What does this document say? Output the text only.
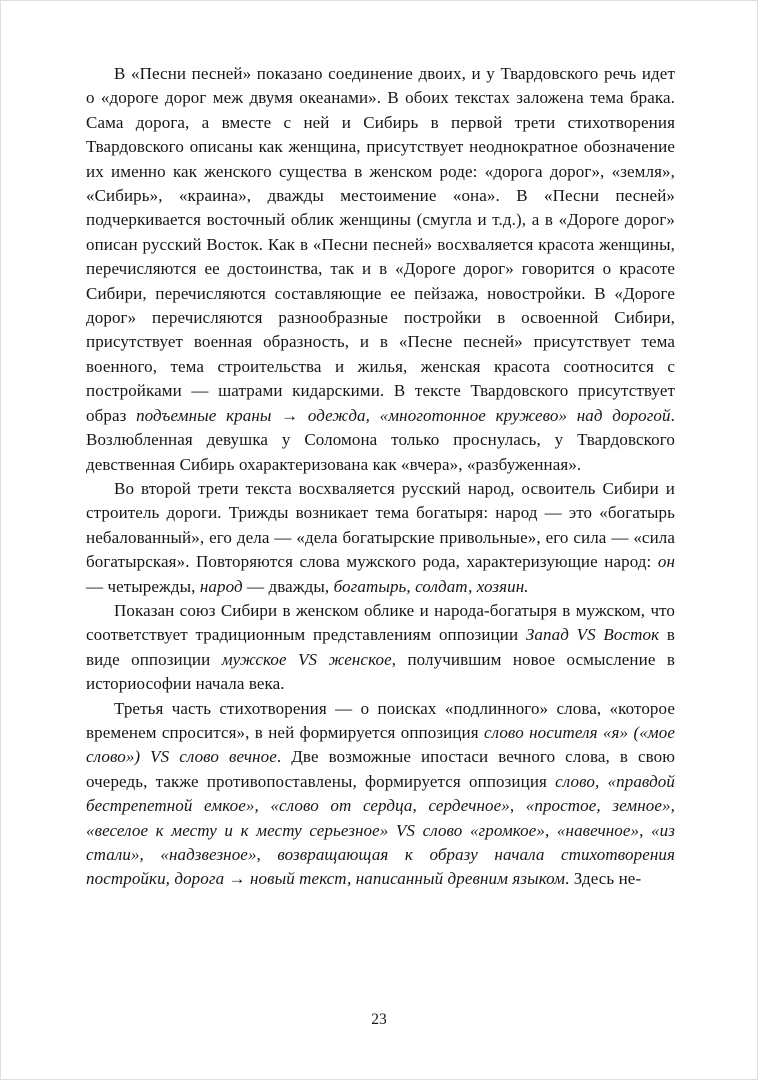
В «Песни песней» показано соединение двоих, и у Твардовского речь идет о «дороге дорог меж двумя океанами». В обоих текстах заложена тема брака. Сама дорога, а вместе с ней и Сибирь в первой трети стихотворения Твардовского описаны как женщина, присутствует неоднократное обозначение их именно как женского существа в женском роде: «дорога дорог», «земля», «Сибирь», «краина», дважды местоимение «она». В «Песни песней» подчеркивается восточный облик женщины (смугла и т.д.), а в «Дороге дорог» описан русский Восток. Как в «Песни песней» восхваляется красота женщины, перечисляются ее достоинства, так и в «Дороге дорог» говорится о красоте Сибири, перечисляются составляющие ее пейзажа, новостройки. В «Дороге дорог» перечисляются разнообразные постройки в освоенной Сибири, присутствует военная образность, и в «Песне песней» присутствует тема военного, тема строительства и жилья, женская красота соотносится с постройками — шатрами кидарскими. В тексте Твардовского присутствует образ подъемные краны → одежда, «многотонное кружево» над дорогой. Возлюбленная девушка у Соломона только проснулась, у Твардовского девственная Сибирь охарактеризована как «вчера», «разбуженная».

Во второй трети текста восхваляется русский народ, освоитель Сибири и строитель дороги. Трижды возникает тема богатыря: народ — это «богатырь небалованный», его дела — «дела богатырские привольные», его сила — «сила богатырская». Повторяются слова мужского рода, характеризующие народ: он — четырежды, народ — дважды, богатырь, солдат, хозяин.

Показан союз Сибири в женском облике и народа-богатыря в мужском, что соответствует традиционным представлениям оппозиции Запад VS Восток в виде оппозиции мужское VS женское, получившим новое осмысление в историософии начала века.

Третья часть стихотворения — о поисках «подлинного» слова, «которое временем спросится», в ней формируется оппозиция слово носителя «я» («мое слово») VS слово вечное. Две возможные ипостаси вечного слова, в свою очередь, также противопоставлены, формируется оппозиция слово, «правдой бестрепетной емкое», «слово от сердца, сердечное», «простое, земное», «веселое к месту и к месту серьезное» VS слово «громкое», «навечное», «из стали», «надзвезное», возвращающая к образу начала стихотворения постройки, дорога → новый текст, написанный древним языком. Здесь не-

23
